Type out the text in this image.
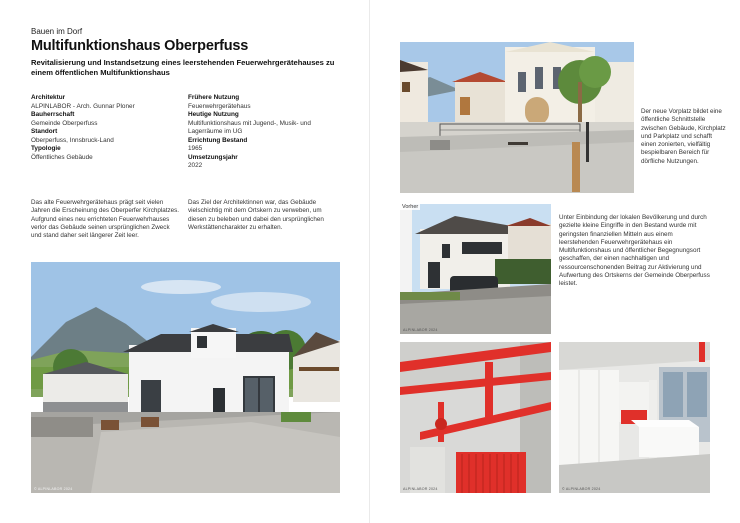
Bauen im Dorf
Multifunktionshaus Oberperfuss
Revitalisierung und Instandsetzung eines leerstehenden Feuerwehrgerätehauses zu einem öffentlichen Multifunktionshaus
Architektur
ALPINLABOR - Arch. Gunnar Ploner
Bauherrschaft
Gemeinde Oberperfuss
Standort
Oberperfuss, Innsbruck-Land
Typologie
Öffentliches Gebäude
Frühere Nutzung
Feuerwehrgerätehaus
Heutige Nutzung
Multifunktionshaus mit Jugend-, Musik- und Lagerräume im UG
Errichtung Bestand
1965
Umsetzungsjahr
2022
Das alte Feuerwehrgerätehaus prägt seit vielen Jahren die Erscheinung des Oberperfer Kirchplatzes. Aufgrund eines neu errichteten Feuerwehrhauses verlor das Gebäude seinen ursprünglichen Zweck und stand daher seit längerer Zeit leer.
Das Ziel der Architektinnen war, das Gebäude vielschichtig mit dem Ortskern zu verweben, um diesen zu beleben und dabei den ursprünglichen Werkstättencharakter zu erhalten.
© ALPINLABOR 2024
Der neue Vorplatz bildet eine öffentliche Schnittstelle zwischen Gebäude, Kirchplatz und Parkplatz und schafft einen zonierten, vielfältig bespielbaren Bereich für dörfliche Nutzungen.
ALPINLABOR 2024
Vorher
Unter Einbindung der lokalen Bevölkerung und durch gezielte kleine Eingriffe in den Bestand wurde mit geringsten finanziellen Mitteln aus einem leerstehenden Feuerwehrgerätehaus ein Multifunktionshaus und öffentlicher Begegnungsort geschaffen, der einen nachhaltigen und ressourcenschonenden Beitrag zur Aktivierung und Aufwertung des Ortskerns der Gemeinde Oberperfuss leistet.
ALPINLABOR 2024	© ALPINLABOR 2024
